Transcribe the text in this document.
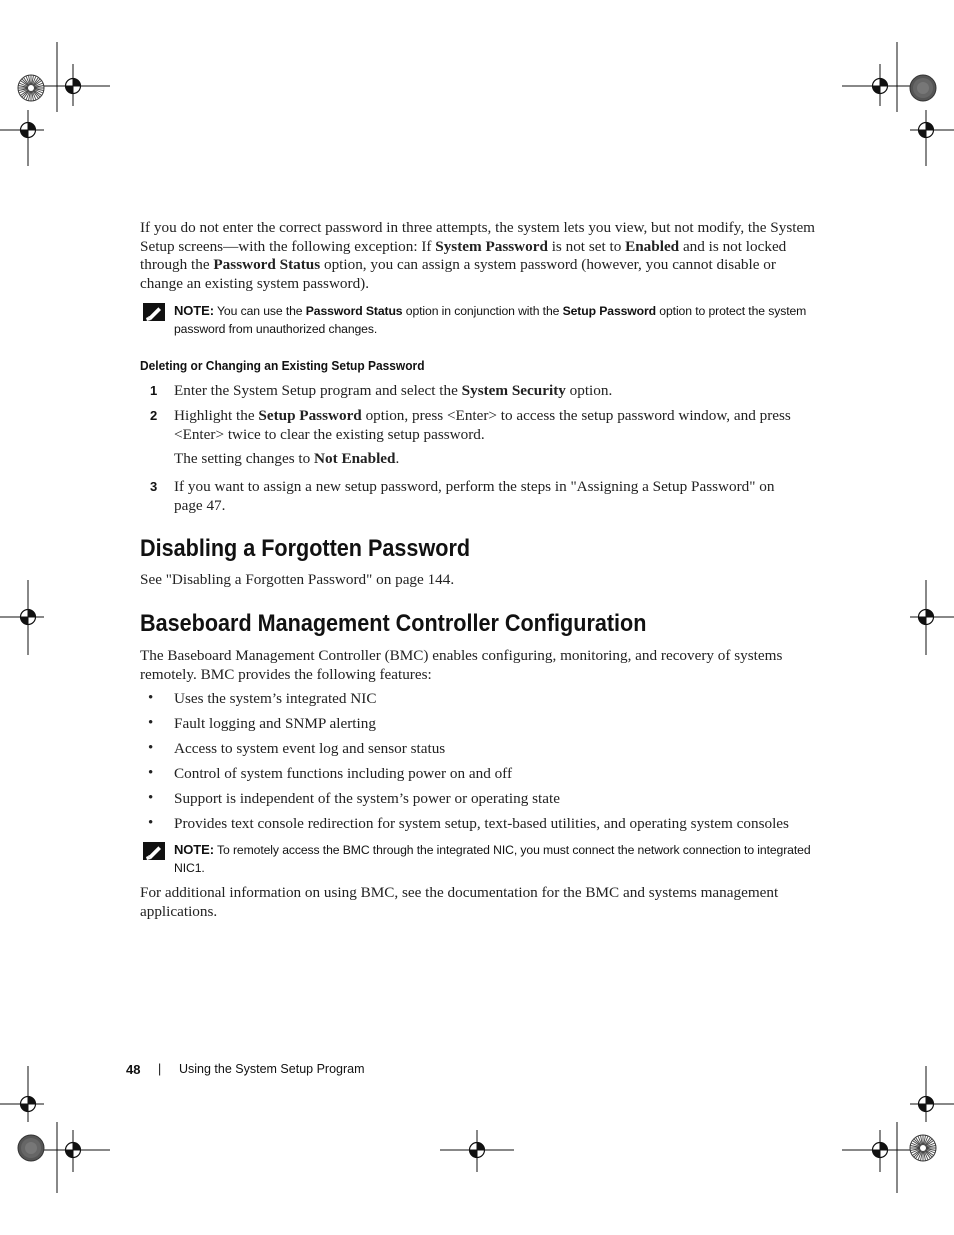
If you do not enter the correct password in three attempts, the system lets you view, but not modify, the System Setup screens—with the following exception: If System Password is not set to Enabled and is not locked through the Password Status option, you can assign a system password (however, you cannot disable or change an existing system password).
NOTE: You can use the Password Status option in conjunction with the Setup Password option to protect the system password from unauthorized changes.
Deleting or Changing an Existing Setup Password
1 Enter the System Setup program and select the System Security option.
2 Highlight the Setup Password option, press <Enter> to access the setup password window, and press <Enter> twice to clear the existing setup password.
The setting changes to Not Enabled.
3 If you want to assign a new setup password, perform the steps in "Assigning a Setup Password" on page 47.
Disabling a Forgotten Password
See "Disabling a Forgotten Password" on page 144.
Baseboard Management Controller Configuration
The Baseboard Management Controller (BMC) enables configuring, monitoring, and recovery of systems remotely. BMC provides the following features:
• Uses the system’s integrated NIC
• Fault logging and SNMP alerting
• Access to system event log and sensor status
• Control of system functions including power on and off
• Support is independent of the system’s power or operating state
• Provides text console redirection for system setup, text-based utilities, and operating system consoles
NOTE: To remotely access the BMC through the integrated NIC, you must connect the network connection to integrated NIC1.
For additional information on using BMC, see the documentation for the BMC and systems management applications.
48 | Using the System Setup Program
